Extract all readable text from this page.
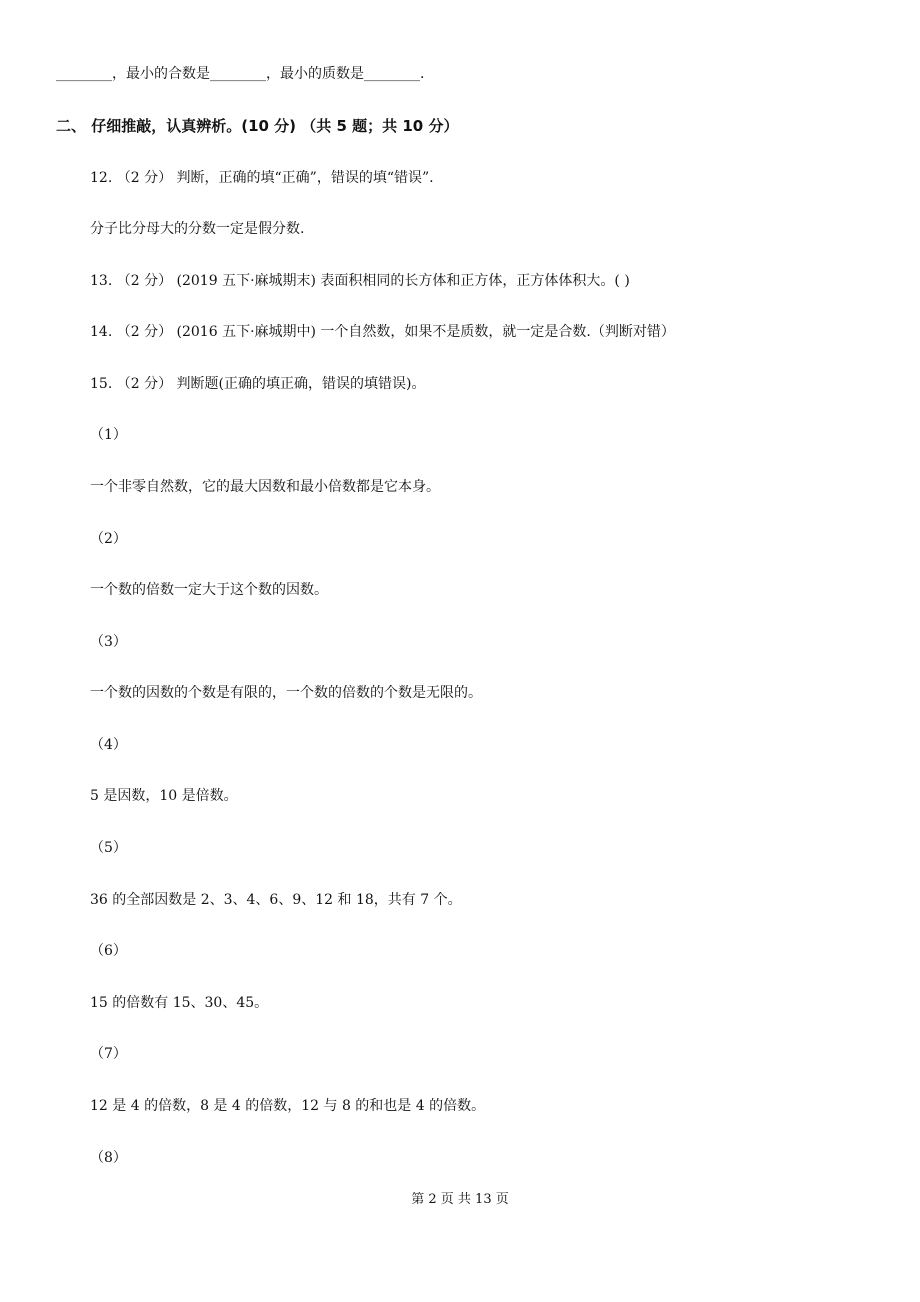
________，最小的合数是________，最小的质数是________.
二、 仔细推敲，认真辨析。(10 分) （共 5 题；共 10 分）
12. （2 分） 判断，正确的填“正确”，错误的填“错误”.
分子比分母大的分数一定是假分数.
13. （2 分） (2019 五下·麻城期末) 表面积相同的长方体和正方体，正方体体积大。( )
14. （2 分） (2016 五下·麻城期中) 一个自然数，如果不是质数，就一定是合数.（判断对错）
15. （2 分） 判断题(正确的填正确，错误的填错误)。
（1）
一个非零自然数，它的最大因数和最小倍数都是它本身。
（2）
一个数的倍数一定大于这个数的因数。
（3）
一个数的因数的个数是有限的，一个数的倍数的个数是无限的。
（4）
5 是因数，10 是倍数。
（5）
36 的全部因数是 2、3、4、6、9、12 和 18，共有 7 个。
（6）
15 的倍数有 15、30、45。
（7）
12 是 4 的倍数，8 是 4 的倍数，12 与 8 的和也是 4 的倍数。
（8）
第 2 页 共 13 页
